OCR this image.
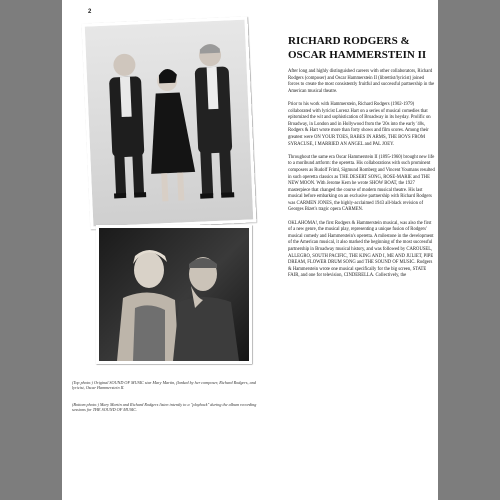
2

(Top photo:) Original SOUND OF MUSIC star Mary Martin, flanked by her composer, Richard Rodgers, and lyricist, Oscar Hammerstein II.

(Bottom photo:) Mary Martin and Richard Rodgers listen intently to a "playback" during the album recording sessions for THE SOUND OF MUSIC.

RICHARD RODGERS &
OSCAR HAMMERSTEIN II

After long and highly distinguished careers with other collaborators, Richard Rodgers (composer) and Oscar Hammerstein II (librettist/lyricist) joined forces to create the most consistently fruitful and successful partnership in the American musical theatre.

Prior to his work with Hammerstein, Richard Rodgers (1902-1979) collaborated with lyricist Lorenz Hart on a series of musical comedies that epitomized the wit and sophistication of Broadway in its heyday. Prolific on Broadway, in London and in Hollywood from the '20s into the early '40s, Rodgers & Hart wrote more than forty shows and film scores. Among their greatest were ON YOUR TOES, BABES IN ARMS, THE BOYS FROM SYRACUSE, I MARRIED AN ANGEL and PAL JOEY.

Throughout the same era Oscar Hammerstein II (1895-1960) brought new life to a moribund artform: the operetta. His collaborations with such prominent composers as Rudolf Friml, Sigmund Romberg and Vincent Youmans resulted in such operetta classics as THE DESERT SONG, ROSE-MARIE and THE NEW MOON. With Jerome Kern he wrote SHOW BOAT, the 1927 masterpiece that changed the course of modern musical theatre. His last musical before embarking on an exclusive partnership with Richard Rodgers was CARMEN JONES, the highly-acclaimed 1943 all-black revision of Georges Bizet's tragic opera CARMEN.

OKLAHOMA!, the first Rodgers & Hammerstein musical, was also the first of a new genre, the musical play, representing a unique fusion of Rodgers' musical comedy and Hammerstein's operetta. A milestone in the development of the American musical, it also marked the beginning of the most successful partnership in Broadway musical history, and was followed by CAROUSEL, ALLEGRO, SOUTH PACIFIC, THE KING AND I, ME AND JULIET, PIPE DREAM, FLOWER DRUM SONG and THE SOUND OF MUSIC. Rodgers & Hammerstein wrote one musical specifically for the big screen, STATE FAIR, and one for television, CINDERELLA. Collectively, the
